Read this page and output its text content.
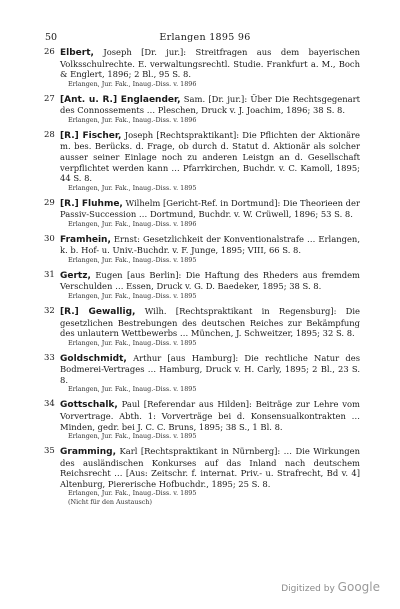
50	Erlangen 1895 96
26 Elbert, Joseph [Dr. jur.]: Streitfragen aus dem bayerischen Volksschulrechte. E. verwaltungsrechtl. Studie. Frankfurt a. M., Boch & Englert, 1896; 2 Bl., 95 S. 8.
Erlangen, Jur. Fak., Inaug.-Diss. v. 1896
27 [Ant. u. R.] Englaender, Sam. [Dr. jur.]: Über Die Rechtsgegenart des Connossements … Pleschen, Druck v. J. Joachim, 1896; 38 S. 8.
Erlangen, Jur. Fak., Inaug.-Diss. v. 1896
28 [R.] Fischer, Joseph [Rechtspraktikant]: Die Pflichten der Aktionäre m. bes. Berücks. d. Frage, ob durch d. Statut d. Aktionär als solcher ausser seiner Einlage noch zu anderen Leistgn an d. Gesellschaft verpflichtet werden kann … Pfarrkirchen, Buchdr. v. C. Kamoll, 1895; 44 S. 8.
Erlangen, Jur. Fak., Inaug.-Diss. v. 1895
29 [R.] Fluhme, Wilhelm [Gericht-Ref. in Dortmund]: Die Theorieen der Passiv-Succession … Dortmund, Buchdr. v. W. Crüwell, 1896; 53 S. 8.
Erlangen, Jur. Fak., Inaug.-Diss. v. 1896
30 Framhein, Ernst: Gesetzlichkeit der Konventionalstrafe … Erlangen, k. b. Hof- u. Univ.-Buchdr. v. F. Junge, 1895; VIII, 66 S. 8.
Erlangen, Jur. Fak., Inaug.-Diss. v. 1895
31 Gertz, Eugen [aus Berlin]: Die Haftung des Rheders aus fremdem Verschulden … Essen, Druck v. G. D. Baedeker, 1895; 38 S. 8.
Erlangen, Jur. Fak., Inaug.-Diss. v. 1895
32 [R.] Gewallig, Wilh. [Rechtspraktikant in Regensburg]: Die gesetzlichen Bestrebungen des deutschen Reiches zur Bekämpfung des unlautern Wettbewerbs … München, J. Schweitzer, 1895; 32 S. 8.
Erlangen, Jur. Fak., Inaug.-Diss. v. 1895
33 Goldschmidt, Arthur [aus Hamburg]: Die rechtliche Natur des Bodmerei-Vertrages … Hamburg, Druck v. H. Carly, 1895; 2 Bl., 23 S. 8.
Erlangen, Jur. Fak., Inaug.-Diss. v. 1895
34 Gottschalk, Paul [Referendar aus Hilden]: Beiträge zur Lehre vom Vorvertrage. Abth. 1: Vorverträge bei d. Konsensualkontrakten … Minden, gedr. bei J. C. C. Bruns, 1895; 38 S., 1 Bl. 8.
Erlangen, Jur. Fak., Inaug.-Diss. v. 1895
35 Gramming, Karl [Rechtspraktikant in Nürnberg]: … Die Wirkungen des ausländischen Konkurses auf das Inland nach deutschem Reichsrecht … [Aus: Zeitschr. f. internat. Priv.- u. Strafrecht, Bd v. 4] Altenburg, Piererische Hofbuchdr., 1895; 25 S. 8.
Erlangen, Jur. Fak., Inaug.-Diss. v. 1895
(Nicht für den Austausch)
Digitized by Google
